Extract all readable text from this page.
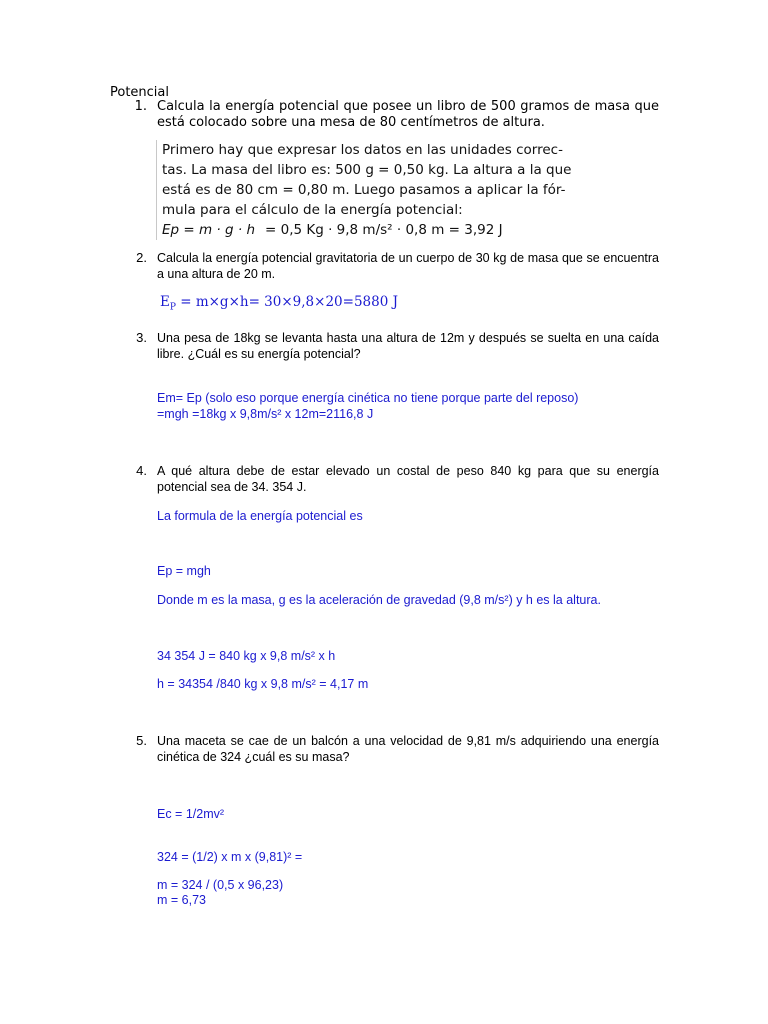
Potencial
1. Calcula la energía potencial que posee un libro de 500 gramos de masa que está colocado sobre una mesa de 80 centímetros de altura.
Primero hay que expresar los datos en las unidades correc-
tas. La masa del libro es: 500 g = 0,50 kg. La altura a la que
está es de 80 cm = 0,80 m. Luego pasamos a aplicar la fór-
mula para el cálculo de la energía potencial:
Ep = m · g · h = 0,5 Kg · 9,8 m/s² · 0,8 m = 3,92 J
2. Calcula la energía potencial gravitatoria de un cuerpo de 30 kg de masa que se encuentra a una altura de 20 m.
$E_P = m\times g\times h= 30\times 9,8\times 20=5880$ J
3. Una pesa de 18kg se levanta hasta una altura de 12m y después se suelta en una caída libre. ¿Cuál es su energía potencial?
Em= Ep (solo eso porque energía cinética no tiene porque parte del reposo)
=mgh =18kg x 9,8m/s² x 12m=2116,8 J
4. A qué altura debe de estar elevado un costal de peso 840 kg para que su energía potencial sea de 34. 354 J.
La formula de la energía potencial es
Ep = mgh
Donde m es la masa, g es la aceleración de gravedad (9,8 m/s²) y h es la altura.
34 354 J = 840 kg x 9,8 m/s² x h
h = 34354 /840 kg x 9,8 m/s² = 4,17 m
5. Una maceta se cae de un balcón a una velocidad de 9,81 m/s adquiriendo una energía cinética de 324 ¿cuál es su masa?
Ec = 1/2mv²
324 = (1/2) x m x (9,81)² =
m = 324 / (0,5 x 96,23)
m = 6,73
